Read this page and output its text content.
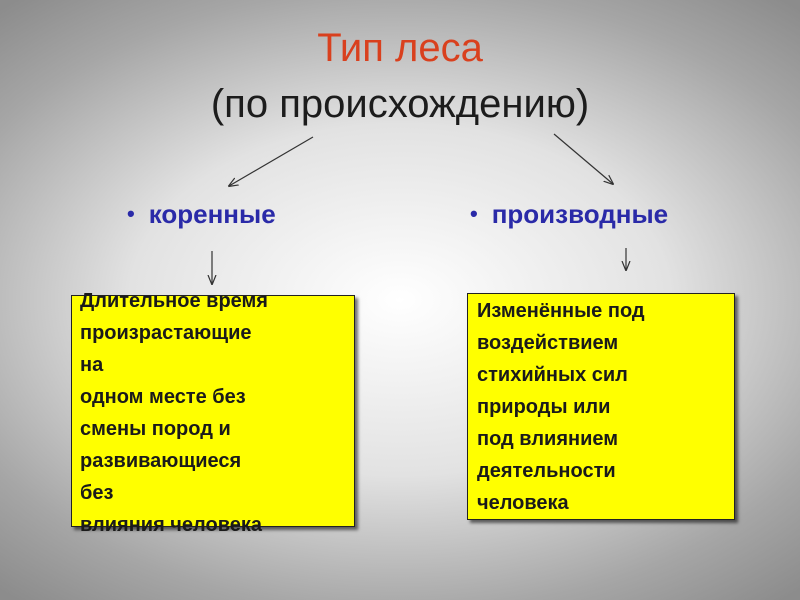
Тип леса
(по происхождению)
• коренные	• производные
Длительное время
произрастающие
на
одном месте без
смены пород и
развивающиеся
без
влияния человека
Изменённые под
воздействием
стихийных сил
природы или
под влиянием
деятельности
человека
